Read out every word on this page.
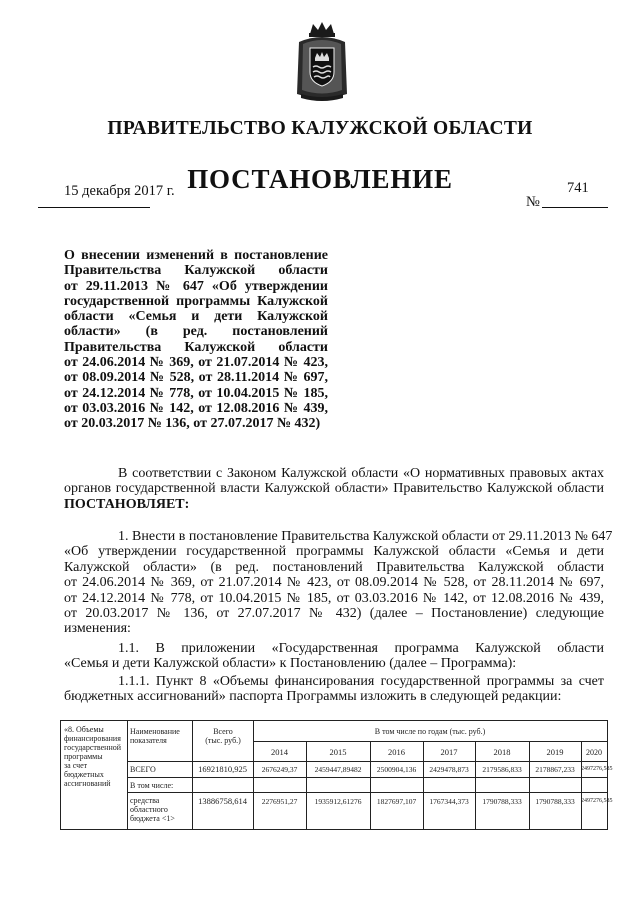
ПРАВИТЕЛЬСТВО КАЛУЖСКОЙ ОБЛАСТИ
ПОСТАНОВЛЕНИЕ
15 декабря 2017 г.
№
741
О внесении изменений в постановление
Правительства Калужской области
от 29.11.2013 № 647 «Об утверждении
государственной программы Калужской
области «Семья и дети Калужской
области» (в ред. постановлений
Правительства Калужской области
от 24.06.2014 № 369, от 21.07.2014 № 423,
от 08.09.2014 № 528, от 28.11.2014 № 697,
от 24.12.2014 № 778, от 10.04.2015 № 185,
от 03.03.2016 № 142, от 12.08.2016 № 439,
от 20.03.2017 № 136, от 27.07.2017 № 432)
В соответствии с Законом Калужской области «О нормативных правовых актах
органов государственной власти Калужской области» Правительство Калужской области
ПОСТАНОВЛЯЕТ:
1. Внести в постановление Правительства Калужской области от 29.11.2013 № 647
«Об утверждении государственной программы Калужской области «Семья и дети
Калужской области» (в ред. постановлений Правительства Калужской области
от 24.06.2014 № 369, от 21.07.2014 № 423, от 08.09.2014 № 528, от 28.11.2014 № 697,
от 24.12.2014 № 778, от 10.04.2015 № 185, от 03.03.2016 № 142, от 12.08.2016 № 439,
от 20.03.2017 № 136, от 27.07.2017 № 432) (далее – Постановление) следующие
изменения:
1.1. В приложении «Государственная программа Калужской области
«Семья и дети Калужской области» к Постановлению (далее – Программа):
1.1.1. Пункт 8 «Объемы финансирования государственной программы за счет
бюджетных ассигнований» паспорта Программы изложить в следующей редакции:
«8. Объемы
финансирования
государственной
программы
за счет
бюджетных
ассигнований
Наименование
показателя
Всего
(тыс. руб.)
В том числе по годам (тыс. руб.)
2014	2015	2016	2017	2018	2019	2020
ВСЕГО	16921810,925	2676249,37	2459447,89482	2500904,136	2429478,873	2179586,833	2178867,233	2497276,585
В том числе:
средства
областного
бюджета <1>
13886758,614	2276951,27	1935912,61276	1827697,107	1767344,373	1790788,333	1790788,333	2497276,585
